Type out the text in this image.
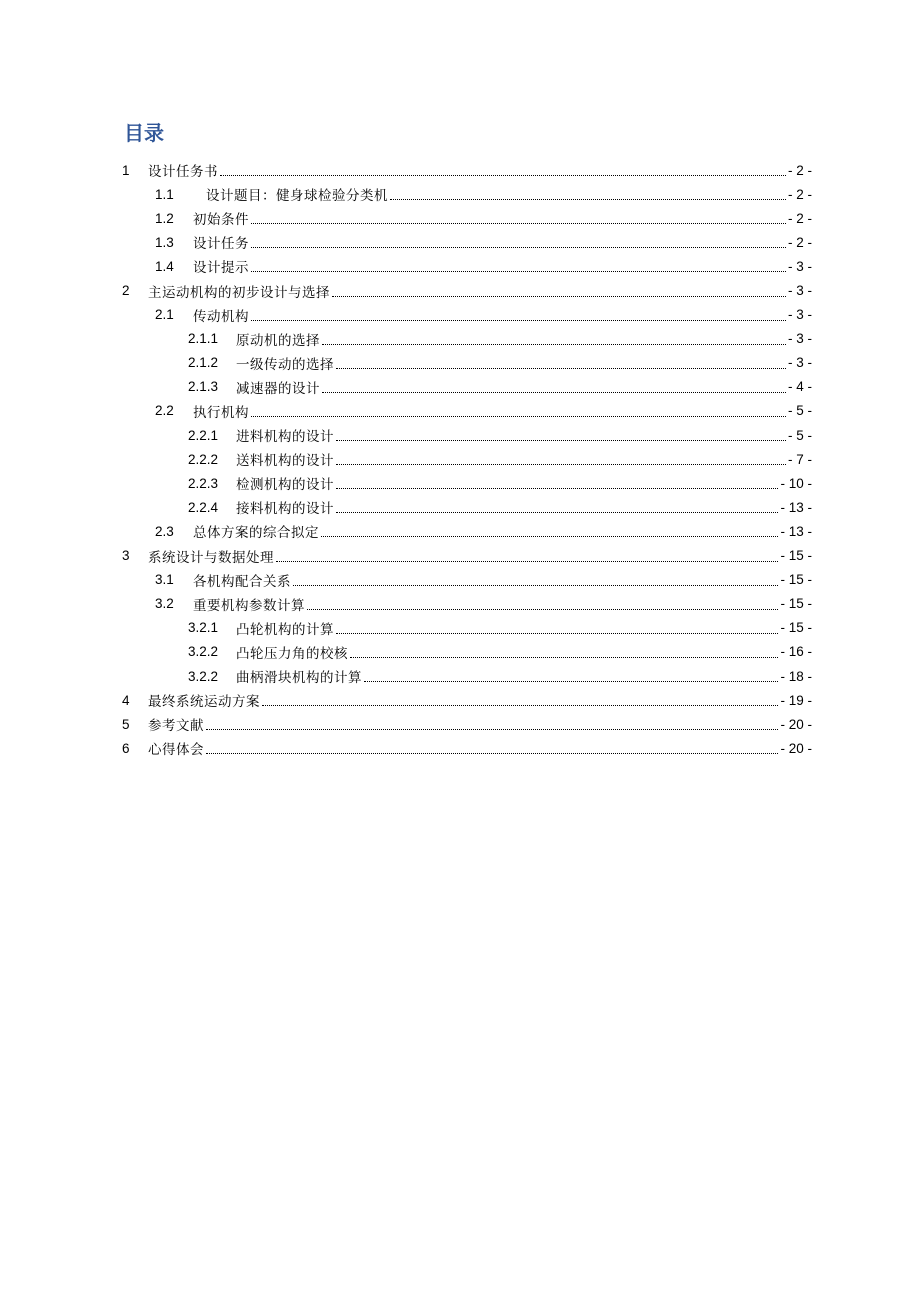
目录
1	设计任务书	- 2 -
1.1	设计题目：健身球检验分类机	- 2 -
1.2	初始条件	- 2 -
1.3	设计任务	- 2 -
1.4	设计提示	- 3 -
2	主运动机构的初步设计与选择	- 3 -
2.1	传动机构	- 3 -
2.1.1	原动机的选择	- 3 -
2.1.2	一级传动的选择	- 3 -
2.1.3	减速器的设计	- 4 -
2.2	执行机构	- 5 -
2.2.1	进料机构的设计	- 5 -
2.2.2	送料机构的设计	- 7 -
2.2.3	检测机构的设计	- 10 -
2.2.4	接料机构的设计	- 13 -
2.3	总体方案的综合拟定	- 13 -
3	系统设计与数据处理	- 15 -
3.1	各机构配合关系	- 15 -
3.2	重要机构参数计算	- 15 -
3.2.1	凸轮机构的计算	- 15 -
3.2.2	凸轮压力角的校核	- 16 -
3.2.2	曲柄滑块机构的计算	- 18 -
4	最终系统运动方案	- 19 -
5	参考文献	- 20 -
6	心得体会	- 20 -
